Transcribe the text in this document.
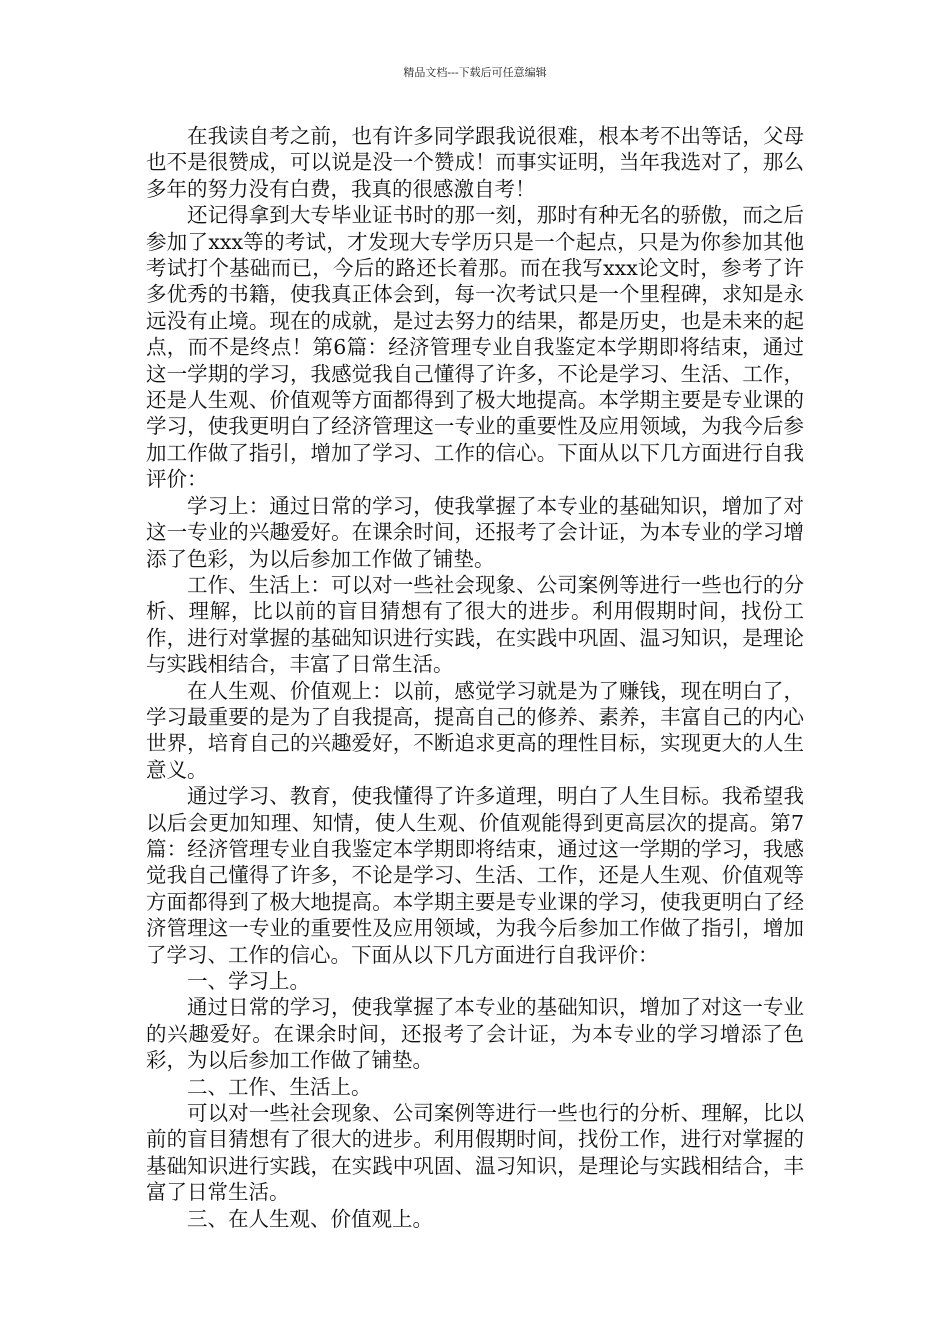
精品文档---下载后可任意编辑

在我读自考之前，也有许多同学跟我说很难，根本考不出等话，父母也不是很赞成，可以说是没一个赞成！而事实证明，当年我选对了，那么多年的努力没有白费，我真的很感激自考！

还记得拿到大专毕业证书时的那一刻，那时有种无名的骄傲，而之后参加了xxx等的考试，才发现大专学历只是一个起点，只是为你参加其他考试打个基础而已，今后的路还长着那。而在我写xxx论文时，参考了许多优秀的书籍，使我真正体会到，每一次考试只是一个里程碑，求知是永远没有止境。现在的成就，是过去努力的结果，都是历史，也是未来的起点，而不是终点！第6篇：经济管理专业自我鉴定本学期即将结束，通过这一学期的学习，我感觉我自己懂得了许多，不论是学习、生活、工作，还是人生观、价值观等方面都得到了极大地提高。本学期主要是专业课的学习，使我更明白了经济管理这一专业的重要性及应用领域，为我今后参加工作做了指引，增加了学习、工作的信心。下面从以下几方面进行自我评价：

学习上：通过日常的学习，使我掌握了本专业的基础知识，增加了对这一专业的兴趣爱好。在课余时间，还报考了会计证，为本专业的学习增添了色彩，为以后参加工作做了铺垫。

工作、生活上：可以对一些社会现象、公司案例等进行一些也行的分析、理解，比以前的盲目猜想有了很大的进步。利用假期时间，找份工作，进行对掌握的基础知识进行实践，在实践中巩固、温习知识，是理论与实践相结合，丰富了日常生活。

在人生观、价值观上：以前，感觉学习就是为了赚钱，现在明白了，学习最重要的是为了自我提高，提高自己的修养、素养，丰富自己的内心世界，培育自己的兴趣爱好，不断追求更高的理性目标，实现更大的人生意义。

通过学习、教育，使我懂得了许多道理，明白了人生目标。我希望我以后会更加知理、知情，使人生观、价值观能得到更高层次的提高。第7篇：经济管理专业自我鉴定本学期即将结束，通过这一学期的学习，我感觉我自己懂得了许多，不论是学习、生活、工作，还是人生观、价值观等方面都得到了极大地提高。本学期主要是专业课的学习，使我更明白了经济管理这一专业的重要性及应用领域，为我今后参加工作做了指引，增加了学习、工作的信心。下面从以下几方面进行自我评价：

一、学习上。

通过日常的学习，使我掌握了本专业的基础知识，增加了对这一专业的兴趣爱好。在课余时间，还报考了会计证，为本专业的学习增添了色彩，为以后参加工作做了铺垫。

二、工作、生活上。

可以对一些社会现象、公司案例等进行一些也行的分析、理解，比以前的盲目猜想有了很大的进步。利用假期时间，找份工作，进行对掌握的基础知识进行实践，在实践中巩固、温习知识，是理论与实践相结合，丰富了日常生活。

三、在人生观、价值观上。
